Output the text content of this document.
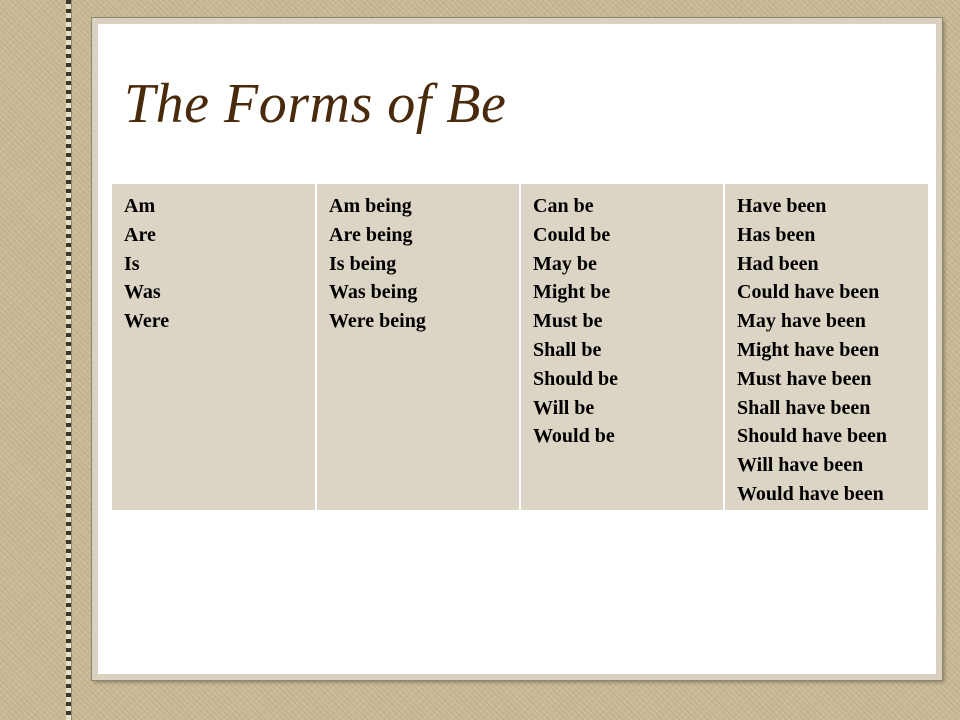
The Forms of Be
Am
Are
Is
Was
Were

Am being
Are being
Is being
Was being
Were being

Can be
Could be
May be
Might be
Must be
Shall be
Should be
Will be
Would be

Have been
Has been
Had been
Could have been
May have been
Might have been
Must have been
Shall have been
Should have been
Will have been
Would have been
